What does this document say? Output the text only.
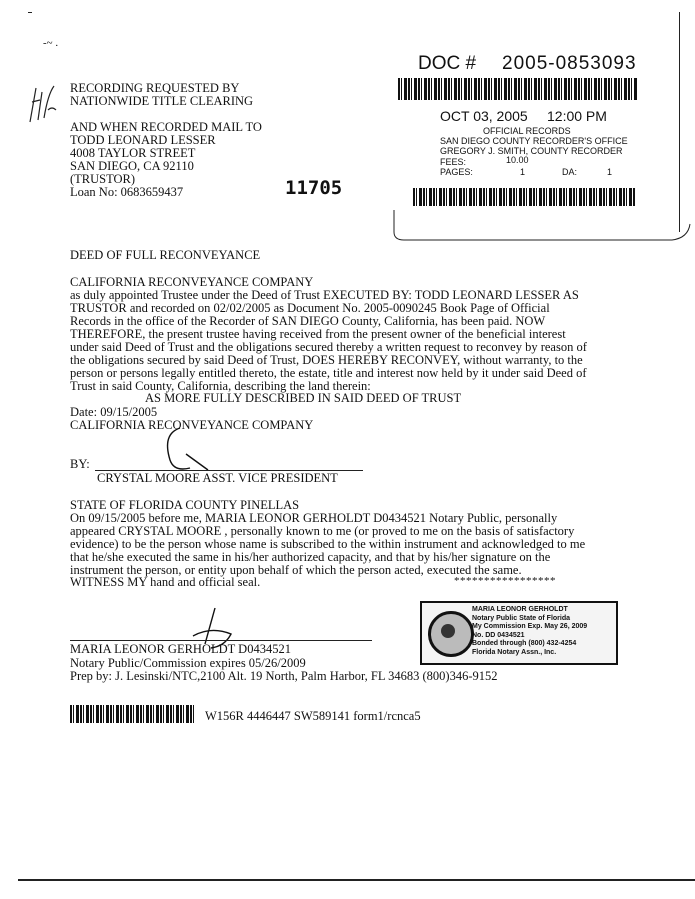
-~ .
RECORDING REQUESTED BY
NATIONWIDE TITLE CLEARING
AND WHEN RECORDED MAIL TO
TODD LEONARD LESSER
4008 TAYLOR STREET
SAN DIEGO, CA 92110
(TRUSTOR)
Loan No: 0683659437	11705
DOC # 2005-0853093
OCT 03, 2005 12:00 PM
OFFICIAL RECORDS
SAN DIEGO COUNTY RECORDER'S OFFICE
GREGORY J. SMITH, COUNTY RECORDER
FEES:	10.00
PAGES:	1	DA:	1
DEED OF FULL RECONVEYANCE
CALIFORNIA RECONVEYANCE COMPANY
as duly appointed Trustee under the Deed of Trust EXECUTED BY: TODD LEONARD LESSER AS
TRUSTOR and recorded on 02/02/2005 as Document No. 2005-0090245 Book Page of Official
Records in the office of the Recorder of SAN DIEGO County, California, has been paid. NOW
THEREFORE, the present trustee having received from the present owner of the beneficial interest
under said Deed of Trust and the obligations secured thereby a written request to reconvey by reason of
the obligations secured by said Deed of Trust, DOES HEREBY RECONVEY, without warranty, to the
person or persons legally entitled thereto, the estate, title and interest now held by it under said Deed of
Trust in said County, California, describing the land therein:
AS MORE FULLY DESCRIBED IN SAID DEED OF TRUST
Date: 09/15/2005
CALIFORNIA RECONVEYANCE COMPANY
BY:
CRYSTAL MOORE ASST. VICE PRESIDENT
STATE OF FLORIDA COUNTY PINELLAS
On 09/15/2005 before me, MARIA LEONOR GERHOLDT D0434521 Notary Public, personally
appeared CRYSTAL MOORE , personally known to me (or proved to me on the basis of satisfactory
evidence) to be the person whose name is subscribed to the within instrument and acknowledged to me
that he/she executed the same in his/her authorized capacity, and that by his/her signature on the
instrument the person, or entity upon behalf of which the person acted, executed the same.
WITNESS MY hand and official seal.	*****************
MARIA LEONOR GERHOLDT
Notary Public State of Florida
My Commission Exp. May 26, 2009
No. DD 0434521
Bonded through (800) 432-4254
Florida Notary Assn., Inc.
MARIA LEONOR GERHOLDT D0434521
Notary Public/Commission expires 05/26/2009
Prep by: J. Lesinski/NTC,2100 Alt. 19 North, Palm Harbor, FL 34683 (800)346-9152
W156R 4446447 SW589141 form1/rcnca5
